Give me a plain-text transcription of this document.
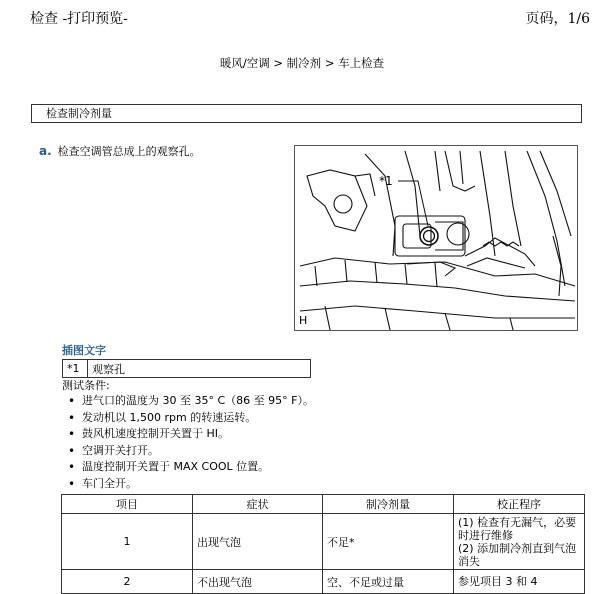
检查 -打印预览-	页码，1/6
暖风/空调 > 制冷剂 > 车上检查
检查制冷剂量
a. 检查空调管总成上的观察孔。
*1
H
插图文字
*1	观察孔
测试条件:
• 进气口的温度为 30 至 35° C（86 至 95° F）。
• 发动机以 1,500 rpm 的转速运转。
• 鼓风机速度控制开关置于 HI。
• 空调开关打开。
• 温度控制开关置于 MAX COOL 位置。
• 车门全开。
项目	症状	制冷剂量	校正程序
1	出现气泡	不足*	(1) 检查有无漏气，必要时进行维修
(2) 添加制冷剂直到气泡消失

2	不出现气泡	空、不足或过量	参见项目 3 和 4
